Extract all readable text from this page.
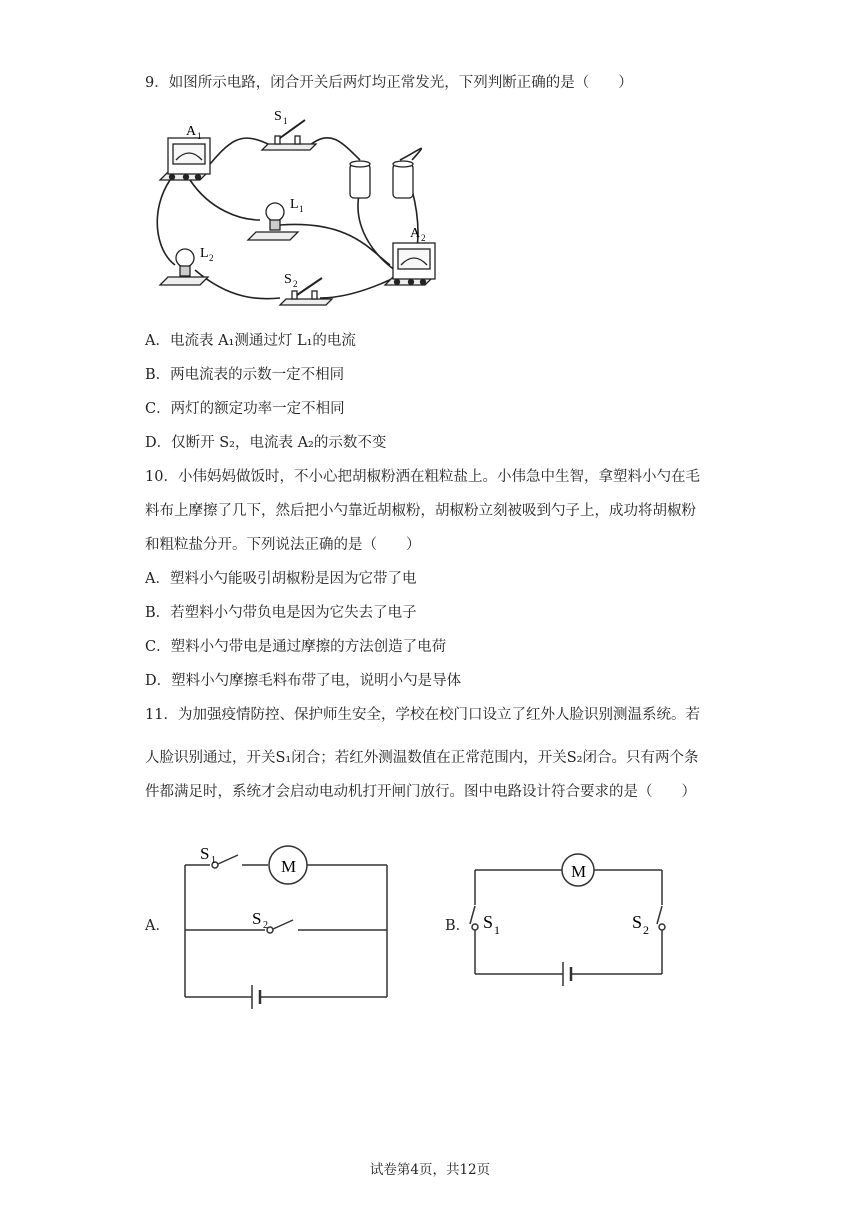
9．如图所示电路，闭合开关后两灯均正常发光，下列判断正确的是（　　）
A 1
S 1
L 1
L 2
S 2
A 2
A．电流表 A₁测通过灯 L₁的电流
B．两电流表的示数一定不相同
C．两灯的额定功率一定不相同
D．仅断开 S₂，电流表 A₂的示数不变
10．小伟妈妈做饭时，不小心把胡椒粉洒在粗粒盐上。小伟急中生智，拿塑料小勺在毛
料布上摩擦了几下，然后把小勺靠近胡椒粉，胡椒粉立刻被吸到勺子上，成功将胡椒粉
和粗粒盐分开。下列说法正确的是（　　）
A．塑料小勺能吸引胡椒粉是因为它带了电
B．若塑料小勺带负电是因为它失去了电子
C．塑料小勺带电是通过摩擦的方法创造了电荷
D．塑料小勺摩擦毛料布带了电，说明小勺是导体
11．为加强疫情防控、保护师生安全，学校在校门口设立了红外人脸识别测温系统。若
人脸识别通过，开关S₁闭合；若红外测温数值在正常范围内，开关S₂闭合。只有两个条
件都满足时，系统才会启动电动机打开闸门放行。图中电路设计符合要求的是（　　）
A．
M
S 1
S 2	B．
M
S 1	S 2
试卷第4页，共12页
